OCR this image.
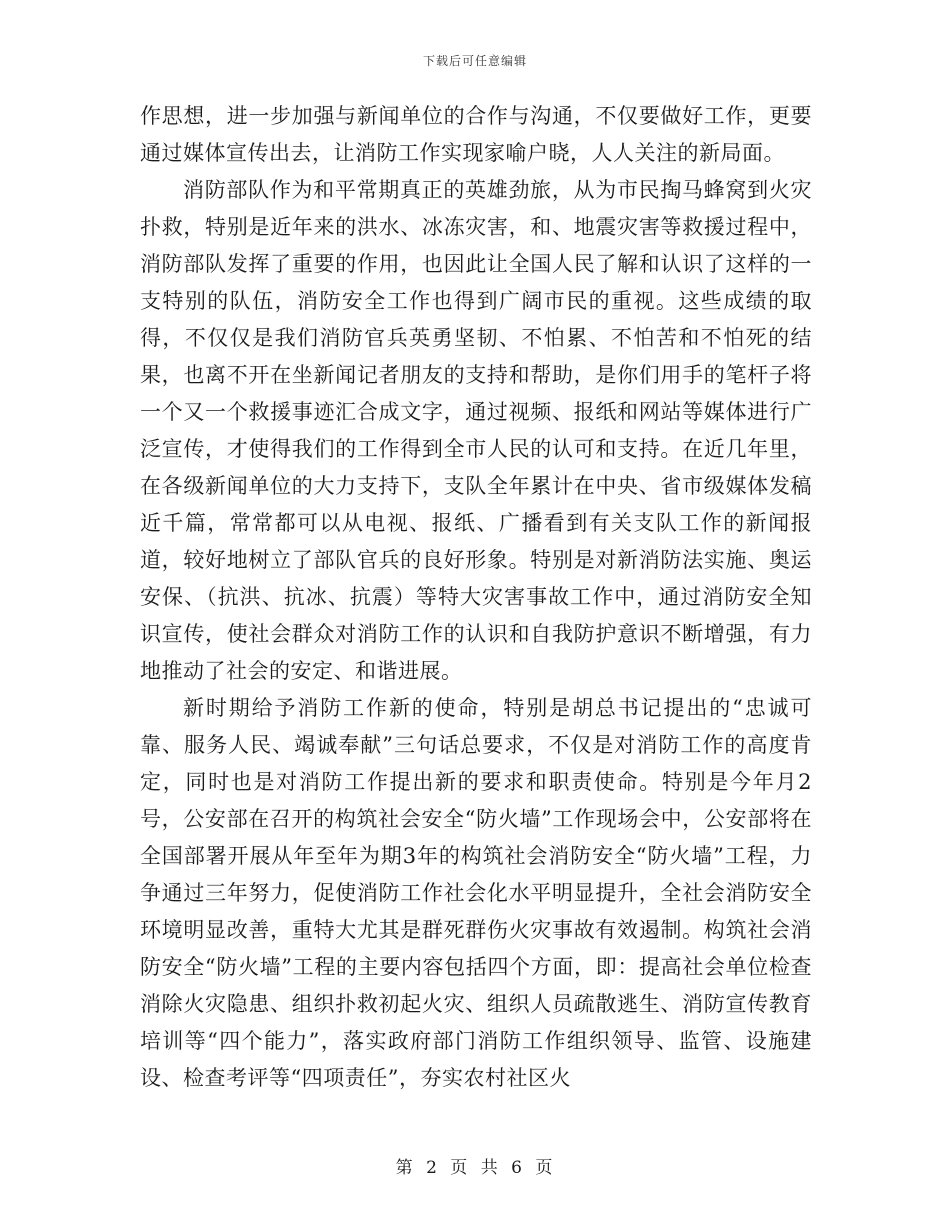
下载后可任意编辑

作思想，进一步加强与新闻单位的合作与沟通，不仅要做好工作，更要通过媒体宣传出去，让消防工作实现家喻户晓，人人关注的新局面。

消防部队作为和平常期真正的英雄劲旅，从为市民掏马蜂窝到火灾扑救，特别是近年来的洪水、冰冻灾害，和、地震灾害等救援过程中，消防部队发挥了重要的作用，也因此让全国人民了解和认识了这样的一支特别的队伍，消防安全工作也得到广阔市民的重视。这些成绩的取得，不仅仅是我们消防官兵英勇坚韧、不怕累、不怕苦和不怕死的结果，也离不开在坐新闻记者朋友的支持和帮助，是你们用手的笔杆子将一个又一个救援事迹汇合成文字，通过视频、报纸和网站等媒体进行广泛宣传，才使得我们的工作得到全市人民的认可和支持。在近几年里，在各级新闻单位的大力支持下，支队全年累计在中央、省市级媒体发稿近千篇，常常都可以从电视、报纸、广播看到有关支队工作的新闻报道，较好地树立了部队官兵的良好形象。特别是对新消防法实施、奥运安保、（抗洪、抗冰、抗震）等特大灾害事故工作中，通过消防安全知识宣传，使社会群众对消防工作的认识和自我防护意识不断增强，有力地推动了社会的安定、和谐进展。

新时期给予消防工作新的使命，特别是胡总书记提出的“忠诚可靠、服务人民、竭诚奉献”三句话总要求，不仅是对消防工作的高度肯定，同时也是对消防工作提出新的要求和职责使命。特别是今年月2号，公安部在召开的构筑社会安全“防火墙”工作现场会中，公安部将在全国部署开展从年至年为期3年的构筑社会消防安全“防火墙”工程，力争通过三年努力，促使消防工作社会化水平明显提升，全社会消防安全环境明显改善，重特大尤其是群死群伤火灾事故有效遏制。构筑社会消防安全“防火墙”工程的主要内容包括四个方面，即：提高社会单位检查消除火灾隐患、组织扑救初起火灾、组织人员疏散逃生、消防宣传教育培训等“四个能力”，落实政府部门消防工作组织领导、监管、设施建设、检查考评等“四项责任”，夯实农村社区火

第 2 页 共 6 页
